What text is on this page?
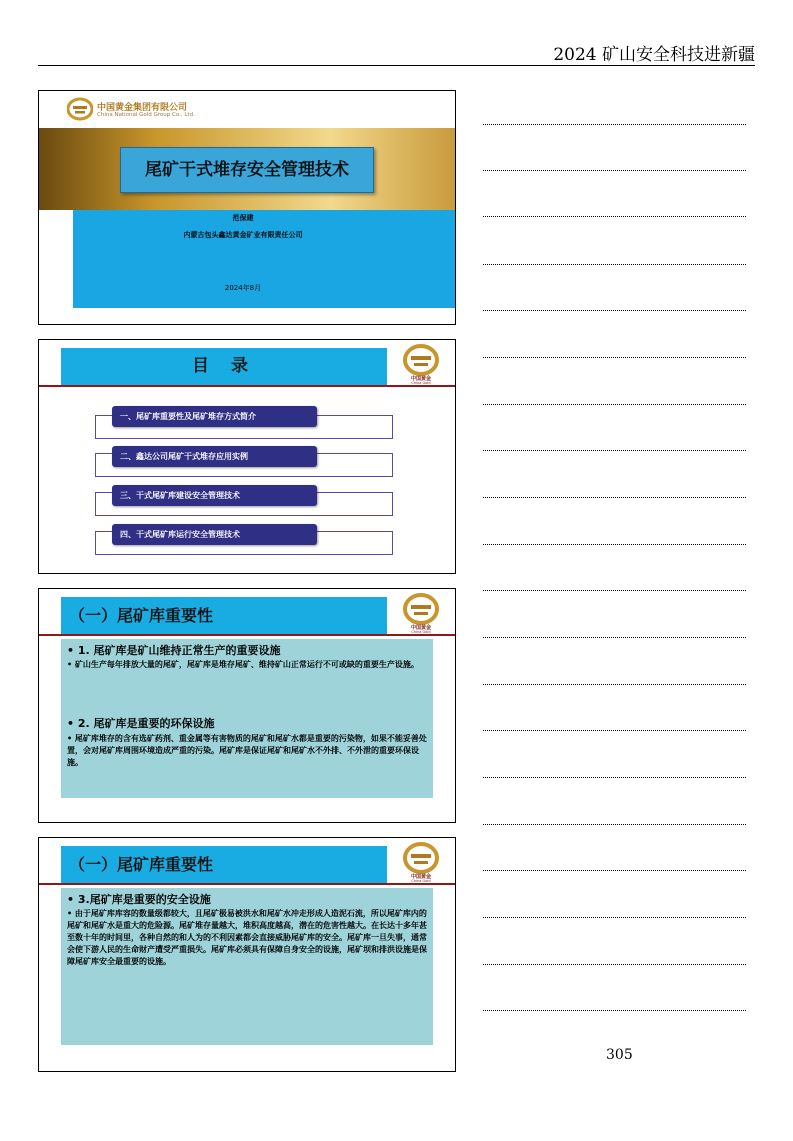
2024 矿山安全科技进新疆
中国黄金集团有限公司
China National Gold Group Co., Ltd.
尾矿干式堆存安全管理技术
范保建
内蒙古包头鑫达黄金矿业有限责任公司
2024年8月
目 录
中国黄金
China Gold
一、尾矿库重要性及尾矿堆存方式简介
二、鑫达公司尾矿干式堆存应用实例
三、干式尾矿库建设安全管理技术
四、干式尾矿库运行安全管理技术
（一）尾矿库重要性
中国黄金
China Gold
• 1. 尾矿库是矿山维持正常生产的重要设施
• 矿山生产每年排放大量的尾矿，尾矿库是堆存尾矿、维持矿山正常运行不可或缺的重要生产设施。
• 2. 尾矿库是重要的环保设施
• 尾矿库堆存的含有选矿药剂、重金属等有害物质的尾矿和尾矿水都是重要的污染物，如果不能妥善处置，会对尾矿库周围环境造成严重的污染。尾矿库是保证尾矿和尾矿水不外排、不外泄的重要环保设施。
（一）尾矿库重要性
中国黄金
China Gold
• 3.尾矿库是重要的安全设施
• 由于尾矿库库容的数量级都较大，且尾矿极易被洪水和尾矿水冲走形成人造泥石流，所以尾矿库内的尾矿和尾矿水是重大的危险源。尾矿堆存量越大，堆积高度越高，潜在的危害性越大。在长达十多年甚至数十年的时间里，各种自然的和人为的不利因素都会直接威胁尾矿库的安全。尾矿库一旦失事，通常会使下游人民的生命财产遭受严重损失。尾矿库必须具有保障自身安全的设施，尾矿坝和排洪设施是保障尾矿库安全最重要的设施。
305
